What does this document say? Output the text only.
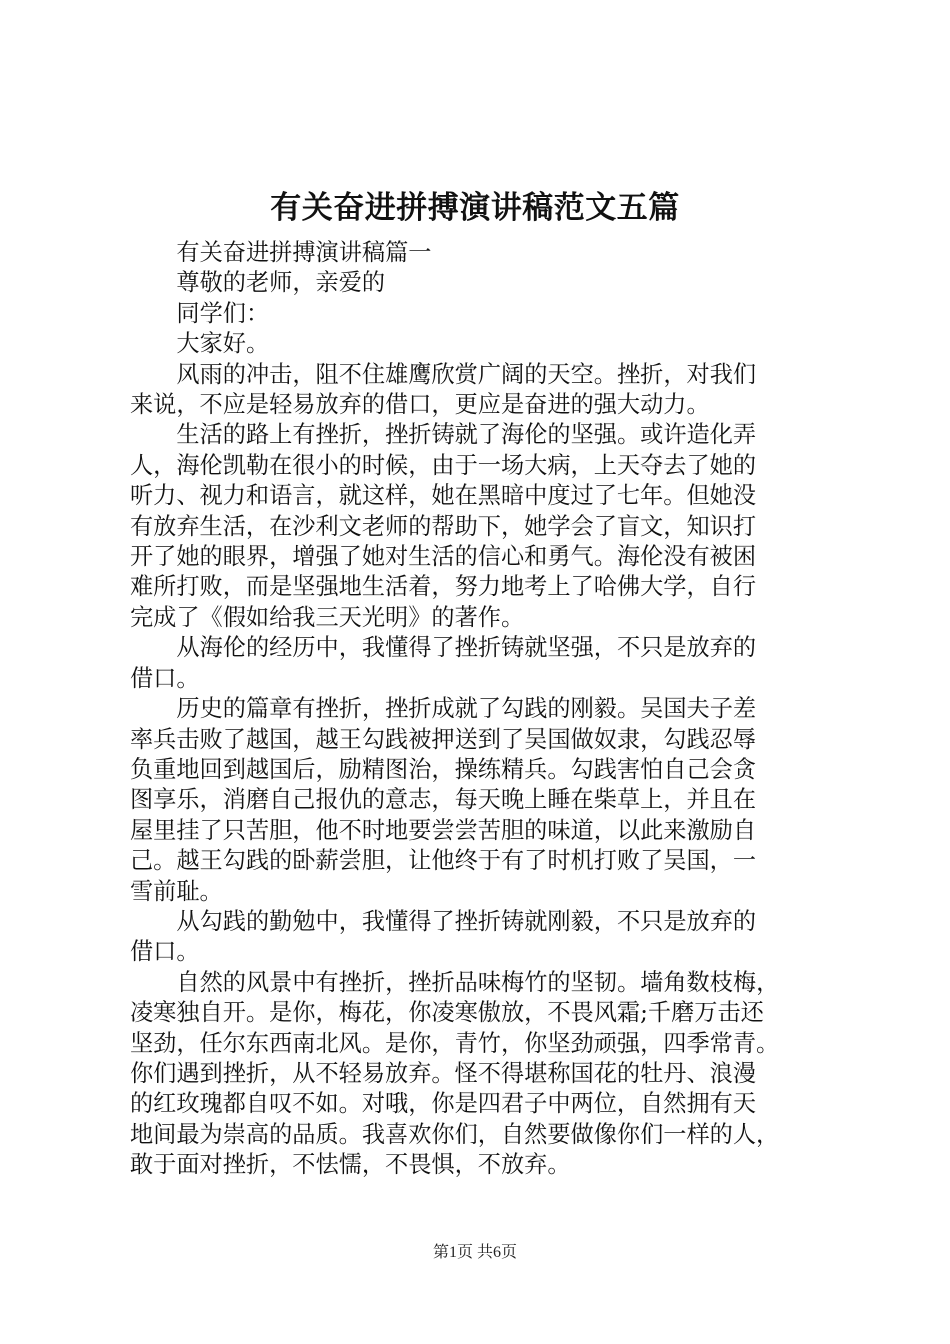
有关奋进拼搏演讲稿范文五篇

有关奋进拼搏演讲稿篇一

尊敬的老师，亲爱的

同学们：

大家好。

风雨的冲击，阻不住雄鹰欣赏广阔的天空。挫折，对我们
来说，不应是轻易放弃的借口，更应是奋进的强大动力。

生活的路上有挫折，挫折铸就了海伦的坚强。或许造化弄
人，海伦凯勒在很小的时候，由于一场大病，上天夺去了她的
听力、视力和语言，就这样，她在黑暗中度过了七年。但她没
有放弃生活，在沙利文老师的帮助下，她学会了盲文，知识打
开了她的眼界，增强了她对生活的信心和勇气。海伦没有被困
难所打败，而是坚强地生活着，努力地考上了哈佛大学，自行
完成了《假如给我三天光明》的著作。

从海伦的经历中，我懂得了挫折铸就坚强，不只是放弃的
借口。

历史的篇章有挫折，挫折成就了勾践的刚毅。吴国夫子差
率兵击败了越国，越王勾践被押送到了吴国做奴隶，勾践忍辱
负重地回到越国后，励精图治，操练精兵。勾践害怕自己会贪
图享乐，消磨自己报仇的意志，每天晚上睡在柴草上，并且在
屋里挂了只苦胆，他不时地要尝尝苦胆的味道，以此来激励自
己。越王勾践的卧薪尝胆，让他终于有了时机打败了吴国，一
雪前耻。

从勾践的勤勉中，我懂得了挫折铸就刚毅，不只是放弃的
借口。

自然的风景中有挫折，挫折品味梅竹的坚韧。墙角数枝梅，
凌寒独自开。是你，梅花，你凌寒傲放，不畏风霜;千磨万击还
坚劲，任尔东西南北风。是你，青竹，你坚劲顽强，四季常青。
你们遇到挫折，从不轻易放弃。怪不得堪称国花的牡丹、浪漫
的红玫瑰都自叹不如。对哦，你是四君子中两位，自然拥有天
地间最为崇高的品质。我喜欢你们，自然要做像你们一样的人，
敢于面对挫折，不怯懦，不畏惧，不放弃。

第1页 共6页
